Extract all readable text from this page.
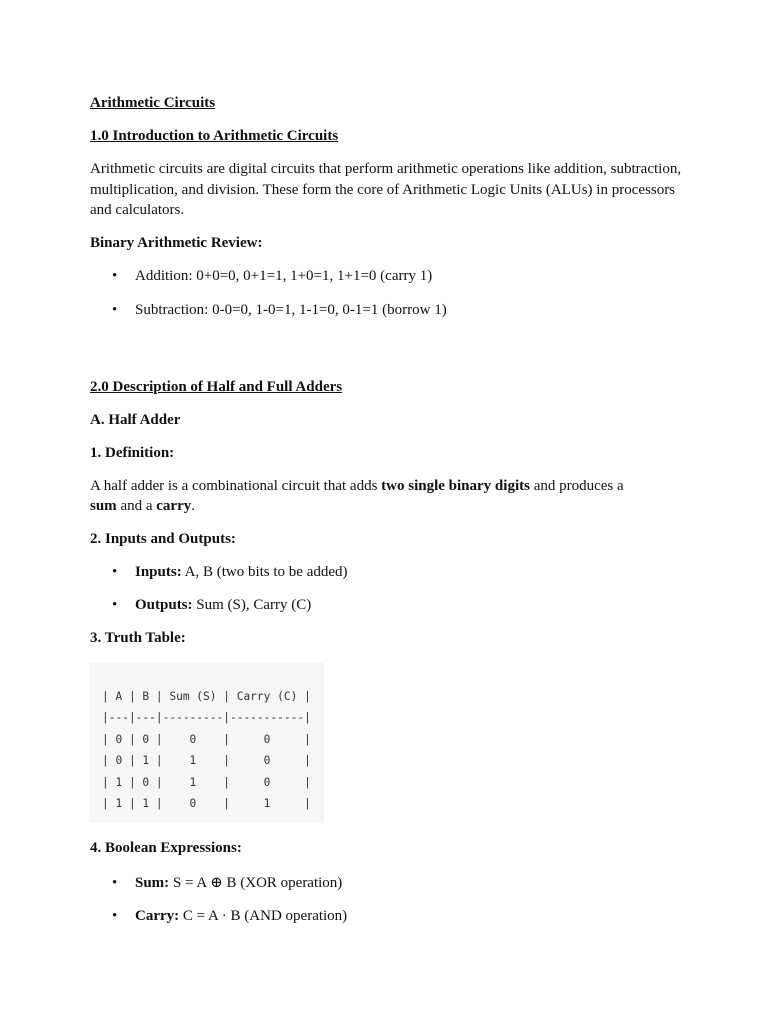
Arithmetic Circuits

1.0 Introduction to Arithmetic Circuits

Arithmetic circuits are digital circuits that perform arithmetic operations like addition, subtraction, multiplication, and division. These form the core of Arithmetic Logic Units (ALUs) in processors and calculators.

Binary Arithmetic Review:

• Addition: 0+0=0, 0+1=1, 1+0=1, 1+1=0 (carry 1)
• Subtraction: 0-0=0, 1-0=1, 1-1=0, 0-1=1 (borrow 1)

2.0 Description of Half and Full Adders

A. Half Adder

1. Definition:

A half adder is a combinational circuit that adds two single binary digits and produces a sum and a carry.

2. Inputs and Outputs:

• Inputs: A, B (two bits to be added)
• Outputs: Sum (S), Carry (C)

3. Truth Table:

| A | B | Sum (S) | Carry (C) |
|---|---|---------|-----------|
| 0 | 0 |    0    |     0     |
| 0 | 1 |    1    |     0     |
| 1 | 0 |    1    |     0     |
| 1 | 1 |    0    |     1     |

4. Boolean Expressions:

• Sum: S = A ⊕ B (XOR operation)
• Carry: C = A · B (AND operation)
